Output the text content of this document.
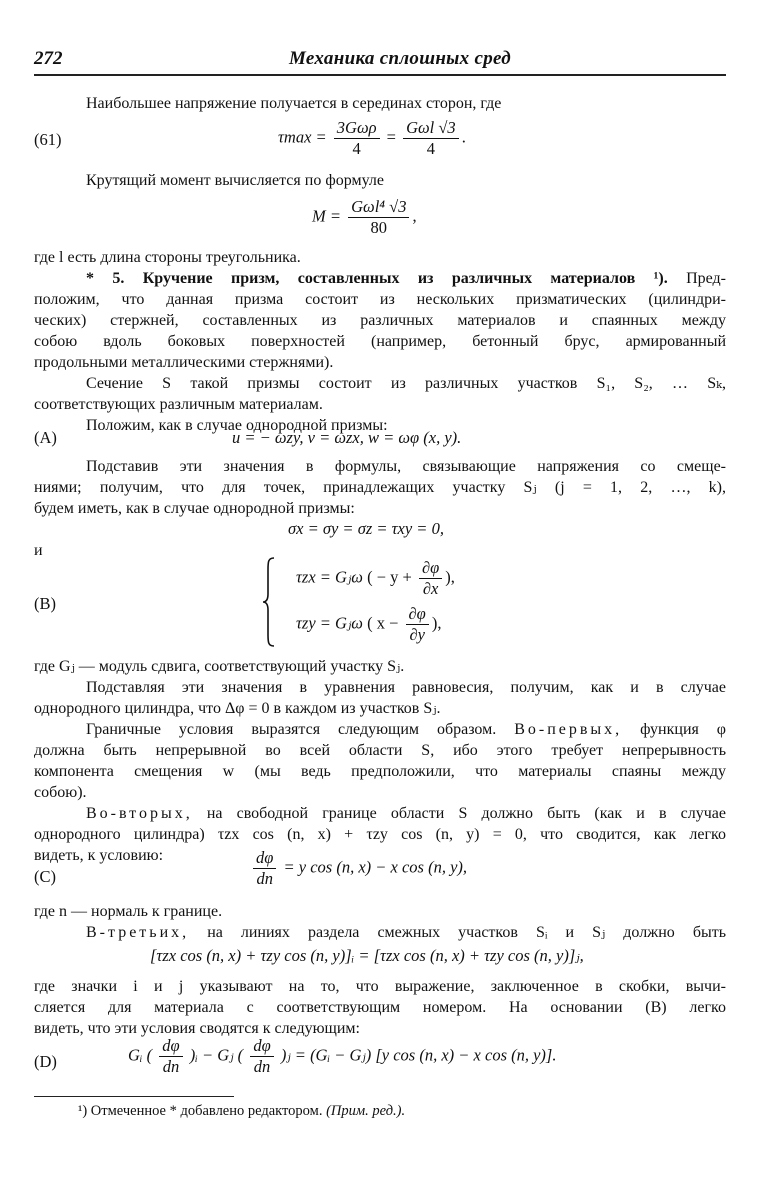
272	Механика сплошных сред
Наибольшее напряжение получается в серединах сторон, где
(61)	$\tau\max = \frac{\text{3Gωρ}}{4} = \frac{\text{Gωl √3}}{4}$ .
Крутящий момент вычисляется по формуле
$M = \frac{\text{Gωl⁴ √3}}{80}$ ,
где l есть длина стороны треугольника.
* 5. Кручение призм, составленных из различных материалов ¹). Пред-
положим, что данная призма состоит из нескольких призматических (цилиндри-
ческих) стержней, составленных из различных материалов и спаянных между
собою вдоль боковых поверхностей (например, бетонный брус, армированный
продольными металлическими стержнями).
Сечение S такой призмы состоит из различных участков S₁, S₂, … Sₖ,
соответствующих различным материалам.
Положим, как в случае однородной призмы:
(A)	u = − ωzy, v = ωzx, w = ωφ (x, y).
Подставив эти значения в формулы, связывающие напряжения со смеще-
ниями; получим, что для точек, принадлежащих участку Sⱼ (j = 1, 2, …, k),
будем иметь, как в случае однородной призмы:
σx = σy = σz = τxy = 0,
и
(B)
τzx = Gⱼω ( − $y + \frac{\partial\varphi}{\partial x}$ ),
τzy = Gⱼω ( $x - \frac{\partial\varphi}{\partial y}$ ),
где Gⱼ — модуль сдвига, соответствующий участку Sⱼ.
Подставляя эти значения в уравнения равновесия, получим, как и в случае
однородного цилиндра, что Δφ = 0 в каждом из участков Sⱼ.
Граничные условия выразятся следующим образом. Во-первых, функция φ
должна быть непрерывной во всей области S, ибо этого требует непрерывность
компонента смещения w (мы ведь предположили, что материалы спаяны между
собою).
Во-вторых, на свободной границе области S должно быть (как и в случае
однородного цилиндра) τzx cos (n, x) + τzy cos (n, y) = 0, что сводится, как легко
видеть, к условию:
(C)	$\frac{d\varphi}{dn} = y$ cos (n, x) − x cos (n, y),
где n — нормаль к границе.
В-третьих, на линиях раздела смежных участков Sᵢ и Sⱼ должно быть
[τzx cos (n, x) + τzy cos (n, y)]ᵢ = [τzx cos (n, x) + τzy cos (n, y)]ⱼ,
где значки i и j указывают на то, что выражение, заключенное в скобки, вычи-
сляется для материала с соответствующим номером. На основании (B) легко
видеть, что эти условия сводятся к следующим:
(D)	Gᵢ ( $\frac{d\varphi}{dn}$ )ᵢ − Gⱼ ( $\frac{d\varphi}{dn}$ )ⱼ = (Gᵢ − Gⱼ) [y cos (n, x) − x cos (n, y)].
¹) Отмеченное * добавлено редактором. (Прим. ред.).
